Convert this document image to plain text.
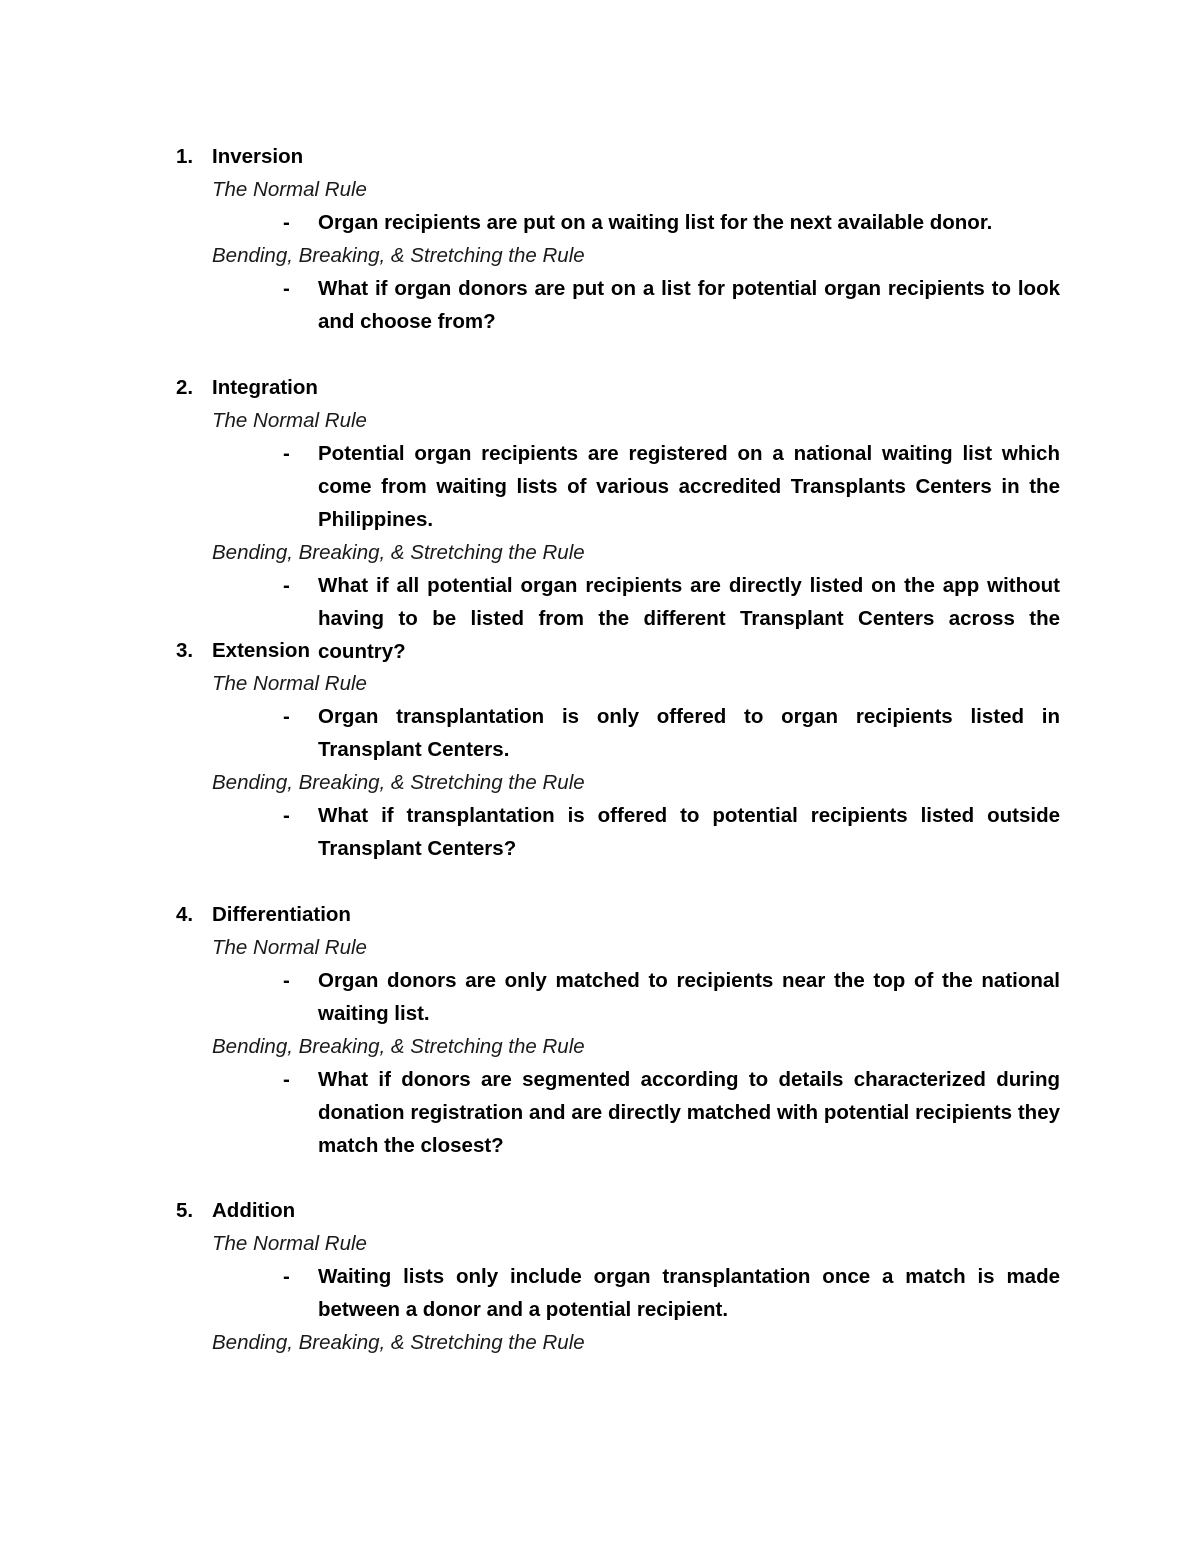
1. Inversion
The Normal Rule
- Organ recipients are put on a waiting list for the next available donor.
Bending, Breaking, & Stretching the Rule
- What if organ donors are put on a list for potential organ recipients to look and choose from?
2. Integration
The Normal Rule
- Potential organ recipients are registered on a national waiting list which come from waiting lists of various accredited Transplants Centers in the Philippines.
Bending, Breaking, & Stretching the Rule
- What if all potential organ recipients are directly listed on the app without having to be listed from the different Transplant Centers across the country?
3. Extension
The Normal Rule
- Organ transplantation is only offered to organ recipients listed in Transplant Centers.
Bending, Breaking, & Stretching the Rule
- What if transplantation is offered to potential recipients listed outside Transplant Centers?
4. Differentiation
The Normal Rule
- Organ donors are only matched to recipients near the top of the national waiting list.
Bending, Breaking, & Stretching the Rule
- What if donors are segmented according to details characterized during donation registration and are directly matched with potential recipients they match the closest?
5. Addition
The Normal Rule
- Waiting lists only include organ transplantation once a match is made between a donor and a potential recipient.
Bending, Breaking, & Stretching the Rule
